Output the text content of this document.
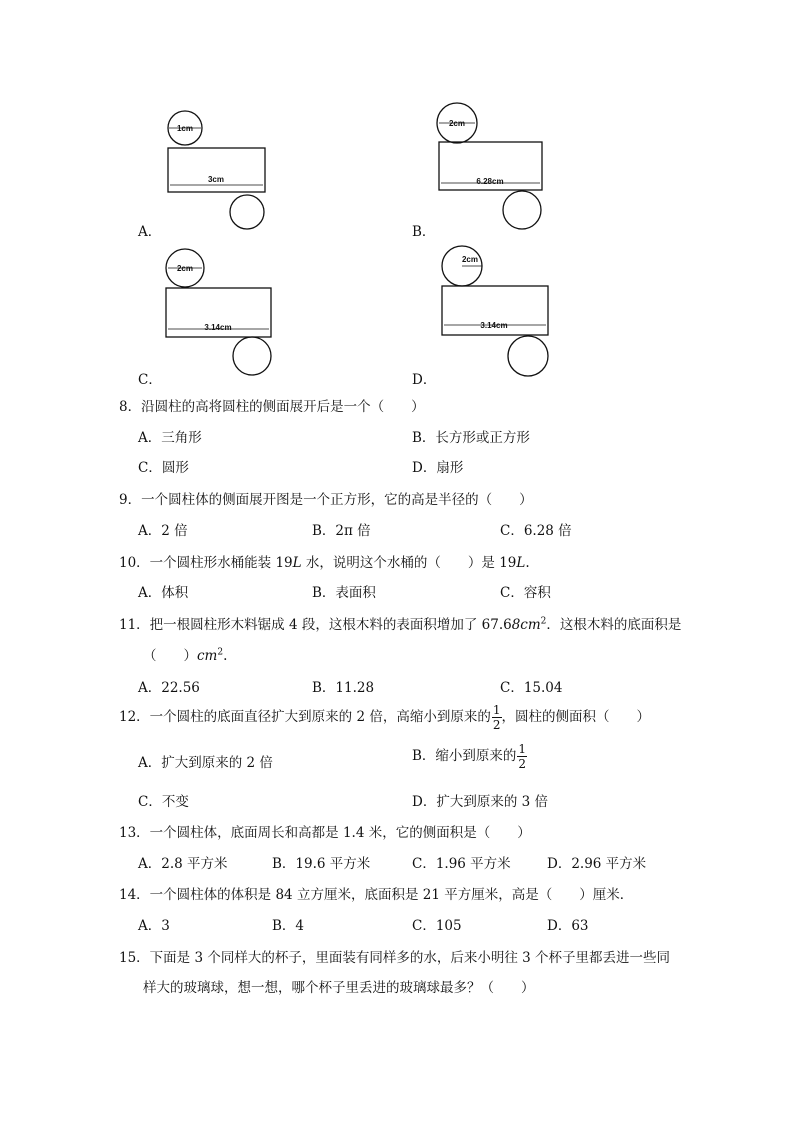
A．
1cm
3cm
B．
2cm
6.28cm
C．
2cm
3.14cm
D．
2cm
3.14cm
8．沿圆柱的高将圆柱的侧面展开后是一个（　　）
A．三角形	B．长方形或正方形
C．圆形	D．扇形
9．一个圆柱体的侧面展开图是一个正方形，它的高是半径的（　　）
A．2 倍	B．2π 倍	C．6.28 倍
10．一个圆柱形水桶能装 19L 水，说明这个水桶的（　　）是 19L.
A．体积	B．表面积	C．容积
11．把一根圆柱形木料锯成 4 段，这根木料的表面积增加了 $67.68cm^2$．这根木料的底面积是
（　　）$cm^2$.
A．22.56	B．11.28	C．15.04
12．一个圆柱的底面直径扩大到原来的 2 倍，高缩小到原来的 $\frac{1}{2}$ ，圆柱的侧面积（　　）
A．扩大到原来的 2 倍	B．缩小到原来的 $\frac{1}{2}$
C．不变	D．扩大到原来的 3 倍
13．一个圆柱体，底面周长和高都是 1.4 米，它的侧面积是（　　）
A．2.8 平方米	B．19.6 平方米	C．1.96 平方米	D．2.96 平方米
14．一个圆柱体的体积是 84 立方厘米，底面积是 21 平方厘米，高是（　　）厘米．
A．3	B．4	C．105	D．63
15．下面是 3 个同样大的杯子，里面装有同样多的水，后来小明往 3 个杯子里都丢进一些同
样大的玻璃球，想一想，哪个杯子里丢进的玻璃球最多？（　　）
